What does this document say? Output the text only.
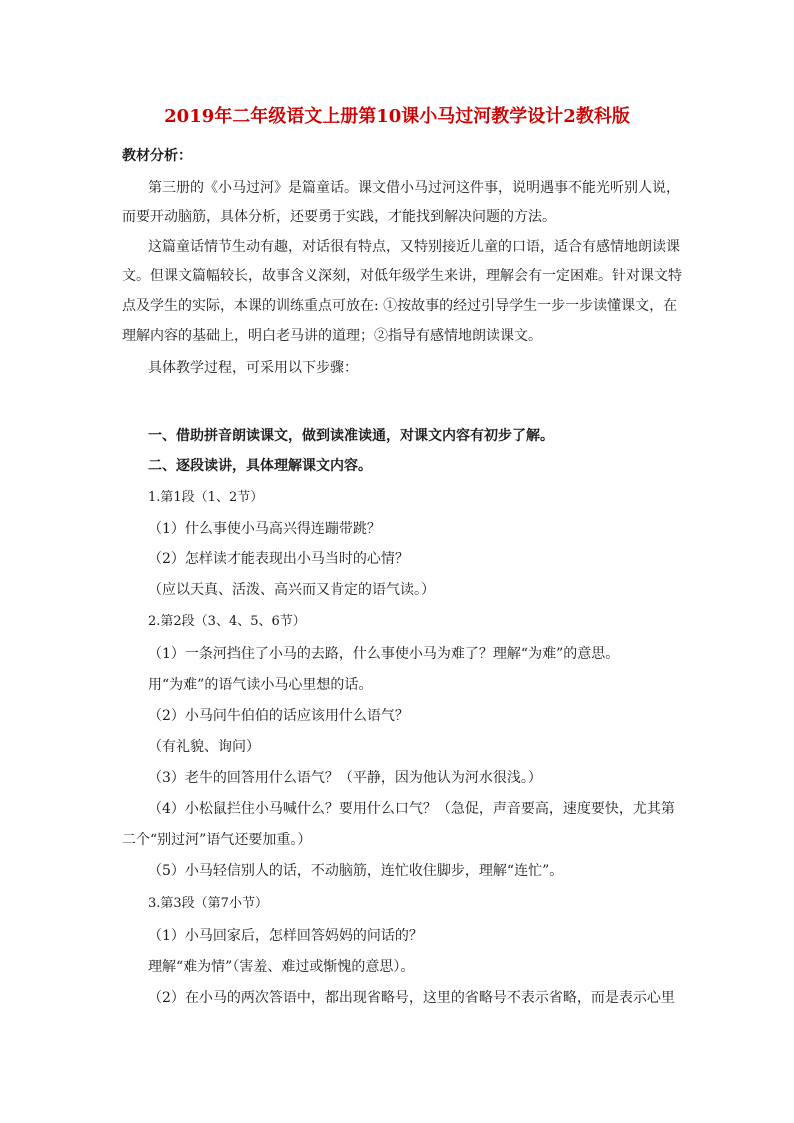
2019年二年级语文上册第10课小马过河教学设计2教科版
教材分析：
第三册的《小马过河》是篇童话。课文借小马过河这件事，说明遇事不能光听别人说，
而要开动脑筋，具体分析，还要勇于实践，才能找到解决问题的方法。
这篇童话情节生动有趣，对话很有特点，又特别接近儿童的口语，适合有感情地朗读课
文。但课文篇幅较长，故事含义深刻，对低年级学生来讲，理解会有一定困难。针对课文特
点及学生的实际，本课的训练重点可放在: ①按故事的经过引导学生一步一步读懂课文，在
理解内容的基础上，明白老马讲的道理；②指导有感情地朗读课文。
具体教学过程，可采用以下步骤：
一、借助拼音朗读课文，做到读准读通，对课文内容有初步了解。
二、逐段读讲，具体理解课文内容。
1.第1段（1、2节）
（1）什么事使小马高兴得连蹦带跳？
（2）怎样读才能表现出小马当时的心情？
（应以天真、活泼、高兴而又肯定的语气读。）
2.第2段（3、4、5、6节）
（1）一条河挡住了小马的去路，什么事使小马为难了？理解“为难”的意思。
用“为难”的语气读小马心里想的话。
（2）小马问牛伯伯的话应该用什么语气？
（有礼貌、询问）
（3）老牛的回答用什么语气？（平静，因为他认为河水很浅。）
（4）小松鼠拦住小马喊什么？要用什么口气？（急促，声音要高，速度要快，尤其第
二个“别过河”语气还要加重。）
（5）小马轻信别人的话，不动脑筋，连忙收住脚步，理解“连忙”。
3.第3段（第7小节）
（1）小马回家后，怎样回答妈妈的问话的？
理解“难为情”（害羞、难过或惭愧的意思）。
（2）在小马的两次答语中，都出现省略号，这里的省略号不表示省略，而是表示心里
